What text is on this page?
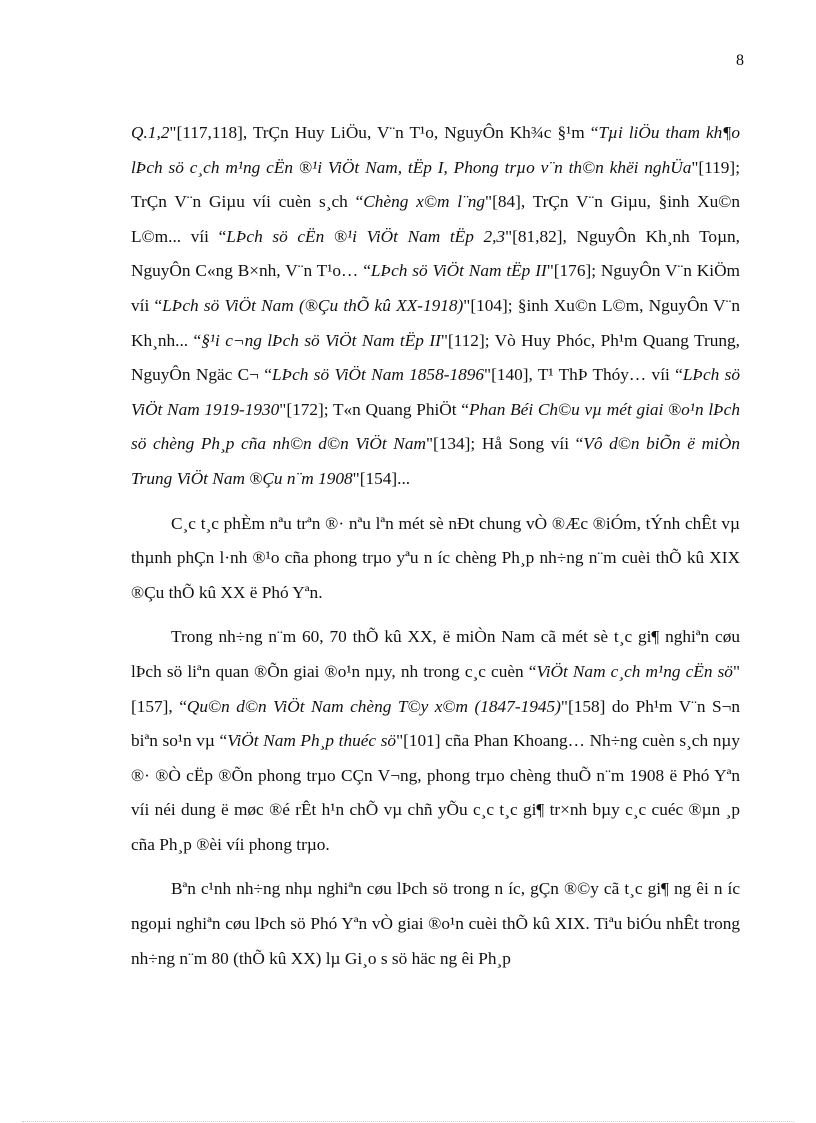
8

Q.1,2"[117,118], TrÇn Huy LiÖu, V¨n T¹o, NguyÔn Kh¾c §¹m “Tµi liÖu tham kh¶o lÞch sö c¸ch m¹ng cËn ®¹i ViÖt Nam, tËp I, Phong trµo v¨n th©n khëi nghÜa"[119]; TrÇn V¨n Giµu víi cuèn s¸ch “Chèng x©m l¨ng"[84], TrÇn V¨n Giµu, §inh Xu©n L©m... víi “LÞch sö cËn ®¹i ViÖt Nam tËp 2,3"[81,82], NguyÔn Kh¸nh Toµn, NguyÔn C«ng B×nh, V¨n T¹o… “LÞch sö ViÖt Nam tËp II"[176]; NguyÔn V¨n KiÖm víi “LÞch sö ViÖt Nam (®Çu thÕ kû XX-1918)"[104]; §inh Xu©n L©m, NguyÔn V¨n Kh¸nh... “§¹i c¬ng lÞch sö ViÖt Nam tËp II"[112]; Vò Huy Phóc, Ph¹m Quang Trung, NguyÔn Ngäc C¬ “LÞch sö ViÖt Nam 1858-1896"[140], T¹ ThÞ Thóy… víi “LÞch sö ViÖt Nam 1919-1930"[172]; T«n Quang PhiÖt “Phan Béi Ch©u vµ mét giai ®o¹n lÞch sö chèng Ph¸p cña nh©n d©n ViÖt Nam"[134]; Hå Song víi “Vô d©n biÕn ë miÒn Trung ViÖt Nam ®Çu n¨m 1908"[154]...

C¸c t¸c phÈm nªu trªn ®· nªu lªn mét sè nÐt chung vÒ ®Æc ®iÓm, tÝnh chÊt vµ thµnh phÇn l·nh ®¹o cña phong trµo yªu n íc chèng Ph¸p nh÷ng n¨m cuèi thÕ kû XIX ®Çu thÕ kû XX ë Phó Yªn.

Trong nh÷ng n¨m 60, 70 thÕ kû XX, ë miÒn Nam cã mét sè t¸c gi¶ nghiªn cøu lÞch sö liªn quan ®Õn giai ®o¹n nµy, nh trong c¸c cuèn “ViÖt Nam c¸ch m¹ng cËn sö"[157], “Qu©n d©n ViÖt Nam chèng T©y x©m (1847-1945)"[158] do Ph¹m V¨n S¬n biªn so¹n vµ “ViÖt Nam Ph¸p thuéc sö"[101] cña Phan Khoang… Nh÷ng cuèn s¸ch nµy ®· ®Ò cËp ®Õn phong trµo CÇn V¬ng, phong trµo chèng thuÕ n¨m 1908 ë Phó Yªn víi néi dung ë møc ®é rÊt h¹n chÕ vµ chñ yÕu c¸c t¸c gi¶ tr×nh bµy c¸c cuéc ®µn ¸p cña Ph¸p ®èi víi phong trµo.

Bªn c¹nh nh÷ng nhµ nghiªn cøu lÞch sö trong n íc, gÇn ®©y cã t¸c gi¶ ng êi n íc ngoµi nghiªn cøu lÞch sö Phó Yªn vÒ giai ®o¹n cuèi thÕ kû XIX. Tiªu biÓu nhÊt trong nh÷ng n¨m 80 (thÕ kû XX) lµ Gi¸o s sö häc ng êi Ph¸p
